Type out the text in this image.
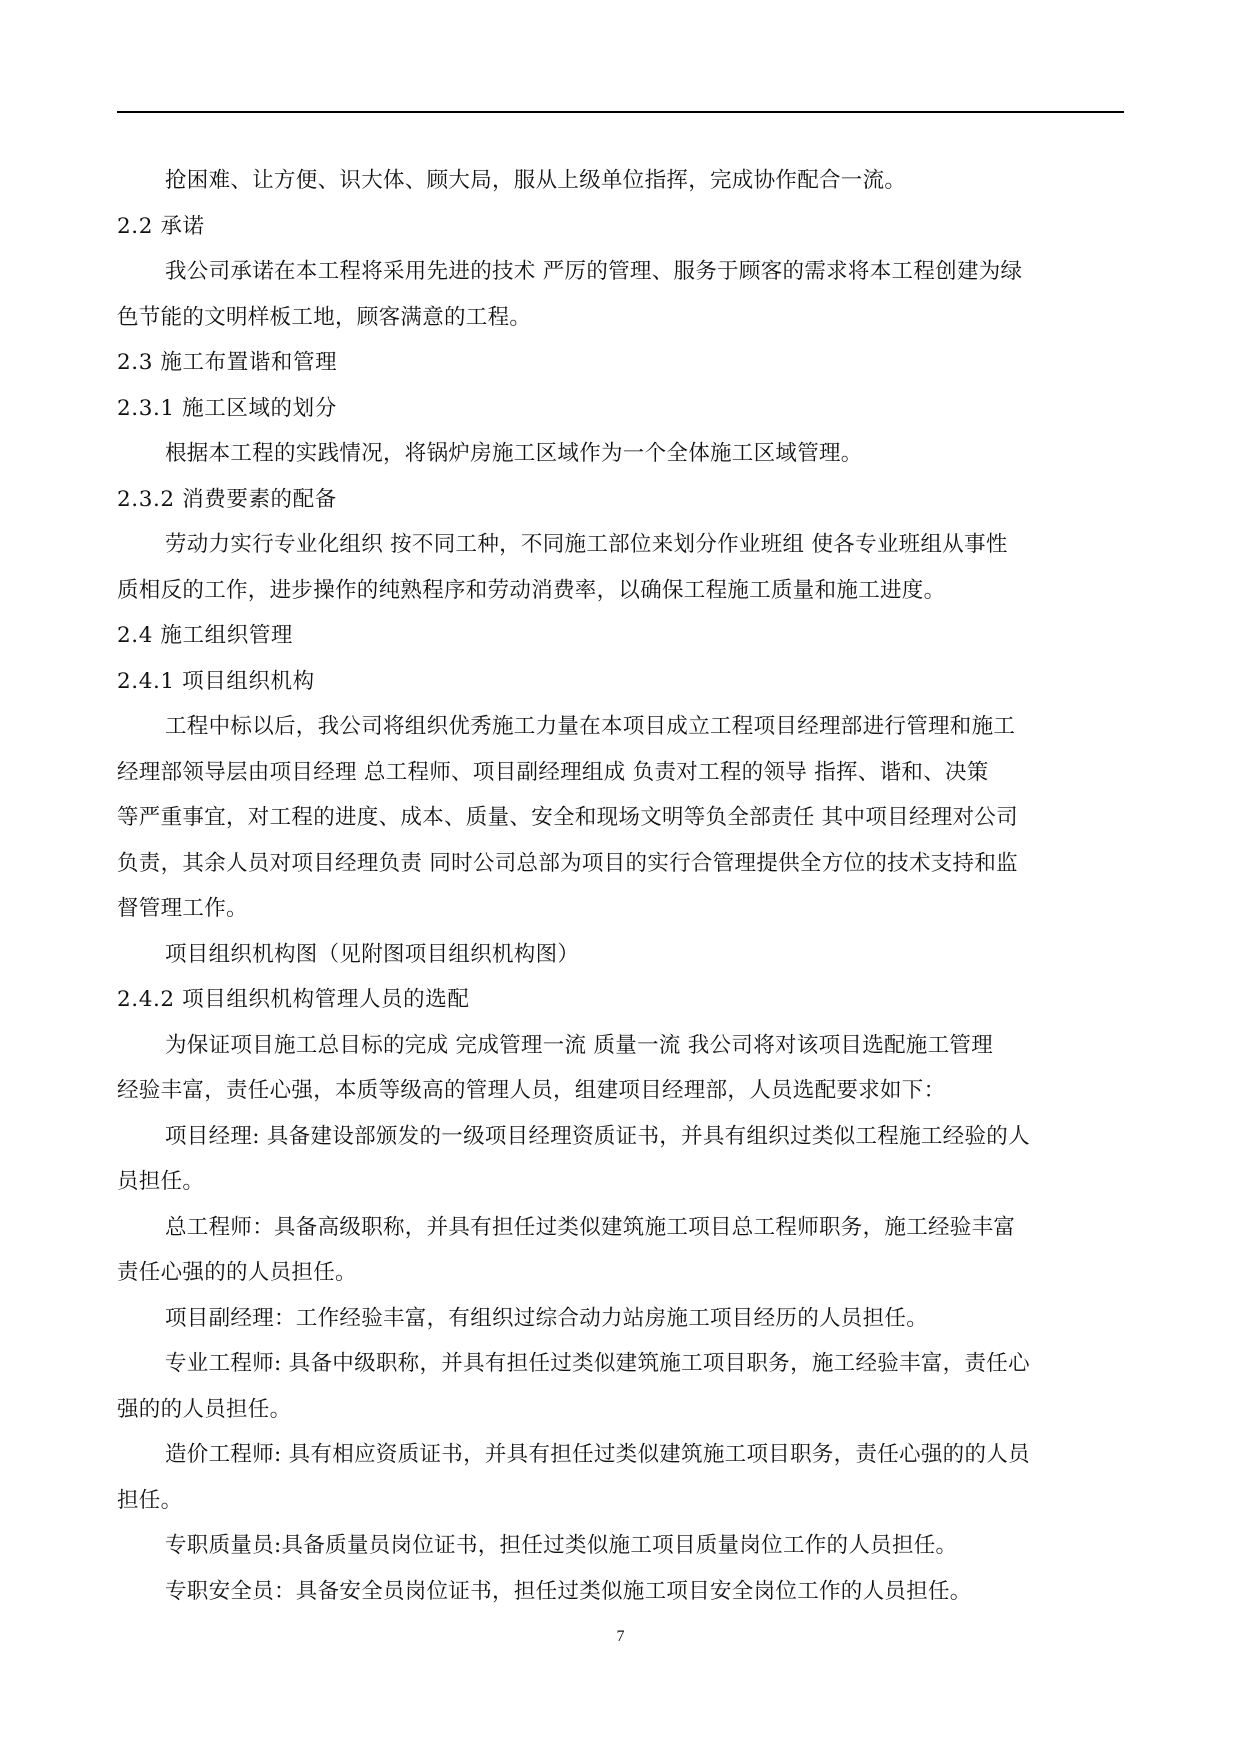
抢困难、让方便、识大体、顾大局，服从上级单位指挥，完成协作配合一流。
2.2 承诺
我公司承诺在本工程将采用先进的技术 严厉的管理、服务于顾客的需求将本工程创建为绿
色节能的文明样板工地，顾客满意的工程。
2.3 施工布置谐和管理
2.3.1 施工区域的划分
根据本工程的实践情况，将锅炉房施工区域作为一个全体施工区域管理。
2.3.2 消费要素的配备
劳动力实行专业化组织 按不同工种，不同施工部位来划分作业班组 使各专业班组从事性
质相反的工作，进步操作的纯熟程序和劳动消费率，以确保工程施工质量和施工进度。
2.4 施工组织管理
2.4.1 项目组织机构
工程中标以后，我公司将组织优秀施工力量在本项目成立工程项目经理部进行管理和施工
经理部领导层由项目经理 总工程师、项目副经理组成 负责对工程的领导 指挥、谐和、决策
等严重事宜，对工程的进度、成本、质量、安全和现场文明等负全部责任 其中项目经理对公司
负责，其余人员对项目经理负责 同时公司总部为项目的实行合管理提供全方位的技术支持和监
督管理工作。
项目组织机构图（见附图项目组织机构图）
2.4.2 项目组织机构管理人员的选配
为保证项目施工总目标的完成 完成管理一流 质量一流 我公司将对该项目选配施工管理
经验丰富，责任心强，本质等级高的管理人员，组建项目经理部，人员选配要求如下：
项目经理: 具备建设部颁发的一级项目经理资质证书，并具有组织过类似工程施工经验的人
员担任。
总工程师：具备高级职称，并具有担任过类似建筑施工项目总工程师职务，施工经验丰富
责任心强的的人员担任。
项目副经理：工作经验丰富，有组织过综合动力站房施工项目经历的人员担任。
专业工程师: 具备中级职称，并具有担任过类似建筑施工项目职务，施工经验丰富，责任心
强的的人员担任。
造价工程师: 具有相应资质证书，并具有担任过类似建筑施工项目职务，责任心强的的人员
担任。
专职质量员:具备质量员岗位证书，担任过类似施工项目质量岗位工作的人员担任。
专职安全员：具备安全员岗位证书，担任过类似施工项目安全岗位工作的人员担任。
7
